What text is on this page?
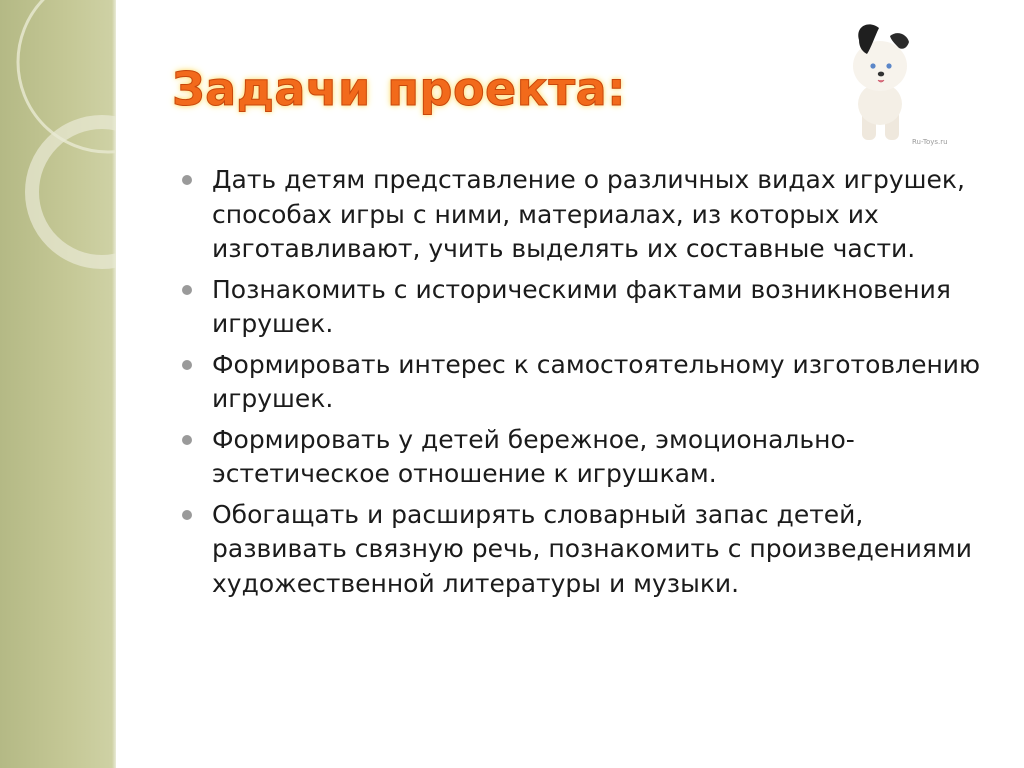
Задачи проекта:
Ru-Toys.ru
Дать детям представление о различных видах игрушек, способах игры с ними, материалах, из которых их изготавливают, учить выделять их составные части.
Познакомить с историческими фактами возникновения игрушек.
Формировать интерес к самостоятельному изготовлению игрушек.
Формировать у детей бережное, эмоционально-эстетическое отношение к игрушкам.
Обогащать и расширять словарный запас детей, развивать связную речь, познакомить с произведениями художественной литературы и музыки.
